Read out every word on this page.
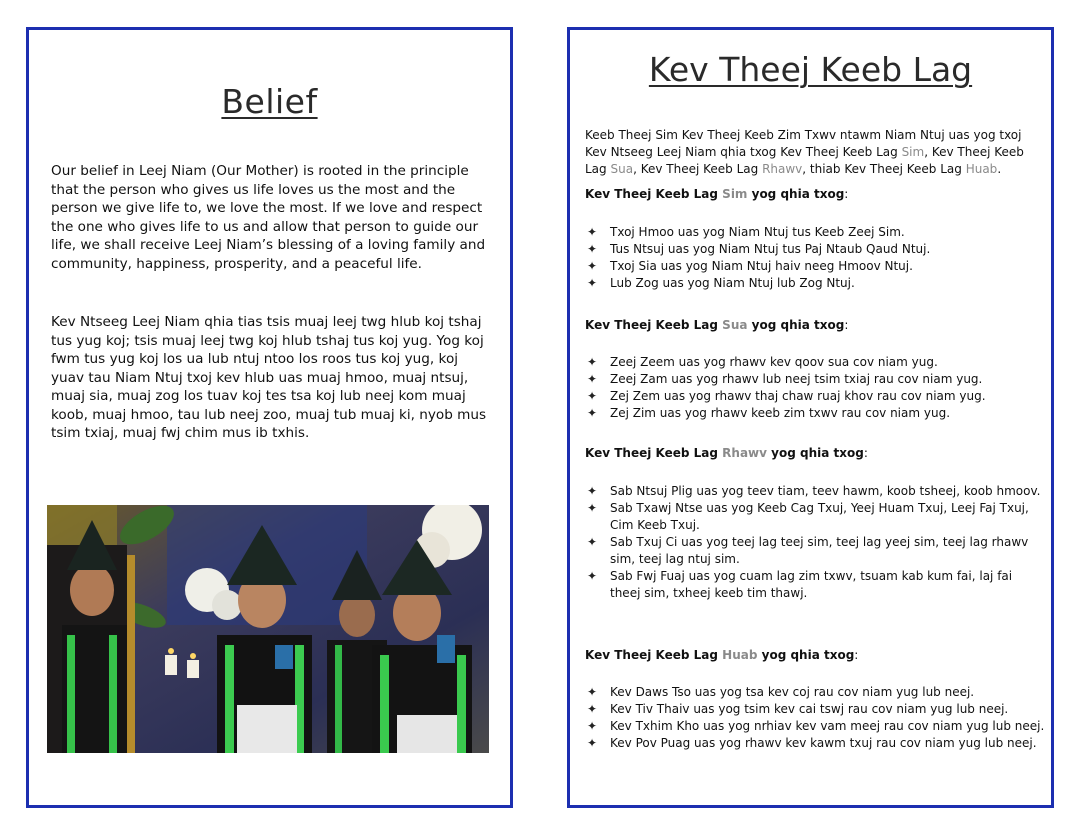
Belief

Our belief in Leej Niam (Our Mother) is rooted in the principle that the person who gives us life loves us the most and the person we give life to, we love the most. If we love and respect the one who gives life to us and allow that person to guide our life, we shall receive Leej Niam’s blessing of a loving family and community, happiness, prosperity, and a peaceful life.

Kev Ntseeg Leej Niam qhia tias tsis muaj leej twg hlub koj tshaj tus yug koj; tsis muaj leej twg koj hlub tshaj tus koj yug. Yog koj fwm tus yug koj los ua lub ntuj ntoo los roos tus koj yug, koj yuav tau Niam Ntuj txoj kev hlub uas muaj hmoo, muaj ntsuj, muaj sia, muaj zog los tuav koj tes tsa koj lub neej kom muaj koob, muaj hmoo, tau lub neej zoo, muaj tub muaj ki, nyob mus tsim txiaj, muaj fwj chim mus ib txhis.

Kev Theej Keeb Lag

Keeb Theej Sim Kev Theej Keeb Zim Txwv ntawm Niam Ntuj uas yog txoj Kev Ntseeg Leej Niam qhia txog Kev Theej Keeb Lag Sim, Kev Theej Keeb Lag Sua, Kev Theej Keeb Lag Rhawv, thiab Kev Theej Keeb Lag Huab.

Kev Theej Keeb Lag Sim yog qhia txog:
✦ Txoj Hmoo uas yog Niam Ntuj tus Keeb Zeej Sim.
✦ Tus Ntsuj uas yog Niam Ntuj tus Paj Ntaub Qaud Ntuj.
✦ Txoj Sia uas yog Niam Ntuj haiv neeg Hmoov Ntuj.
✦ Lub Zog uas yog Niam Ntuj lub Zog Ntuj.
Kev Theej Keeb Lag Sua yog qhia txog:
✦ Zeej Zeem uas yog rhawv kev qoov sua cov niam yug.
✦ Zeej Zam uas yog rhawv lub neej tsim txiaj rau cov niam yug.
✦ Zej Zem uas yog rhawv thaj chaw ruaj khov rau cov niam yug.
✦ Zej Zim uas yog rhawv keeb zim txwv rau cov niam yug.
Kev Theej Keeb Lag Rhawv yog qhia txog:
✦ Sab Ntsuj Plig uas yog teev tiam, teev hawm, koob tsheej, koob hmoov.
✦ Sab Txawj Ntse uas yog Keeb Cag Txuj, Yeej Huam Txuj, Leej Faj Txuj, Cim Keeb Txuj.
✦ Sab Txuj Ci uas yog teej lag teej sim, teej lag yeej sim, teej lag rhawv sim, teej lag ntuj sim.
✦ Sab Fwj Fuaj uas yog cuam lag zim txwv, tsuam kab kum fai, laj fai theej sim, txheej keeb tim thawj.
Kev Theej Keeb Lag Huab yog qhia txog:
✦ Kev Daws Tso uas yog tsa kev coj rau cov niam yug lub neej.
✦ Kev Tiv Thaiv uas yog tsim kev cai tswj rau cov niam yug lub neej.
✦ Kev Txhim Kho uas yog nrhiav kev vam meej rau cov niam yug lub neej.
✦ Kev Pov Puag uas yog rhawv kev kawm txuj rau cov niam yug lub neej.
